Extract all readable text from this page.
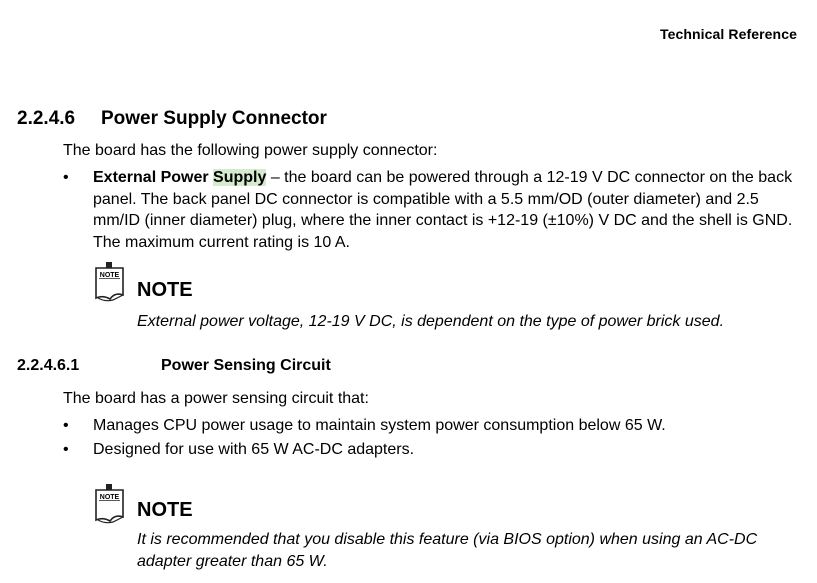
Technical Reference
2.2.4.6 Power Supply Connector
The board has the following power supply connector:
•	External Power Supply – the board can be powered through a 12-19 V DC connector on the back panel. The back panel DC connector is compatible with a 5.5 mm/OD (outer diameter) and 2.5 mm/ID (inner diameter) plug, where the inner contact is +12-19 (±10%) V DC and the shell is GND. The maximum current rating is 10 A.
NOTE
NOTE
External power voltage, 12-19 V DC, is dependent on the type of power brick used.
2.2.4.6.1	Power Sensing Circuit
The board has a power sensing circuit that:
•	Manages CPU power usage to maintain system power consumption below 65 W.
•	Designed for use with 65 W AC-DC adapters.
NOTE
NOTE
It is recommended that you disable this feature (via BIOS option) when using an AC-DC adapter greater than 65 W.
